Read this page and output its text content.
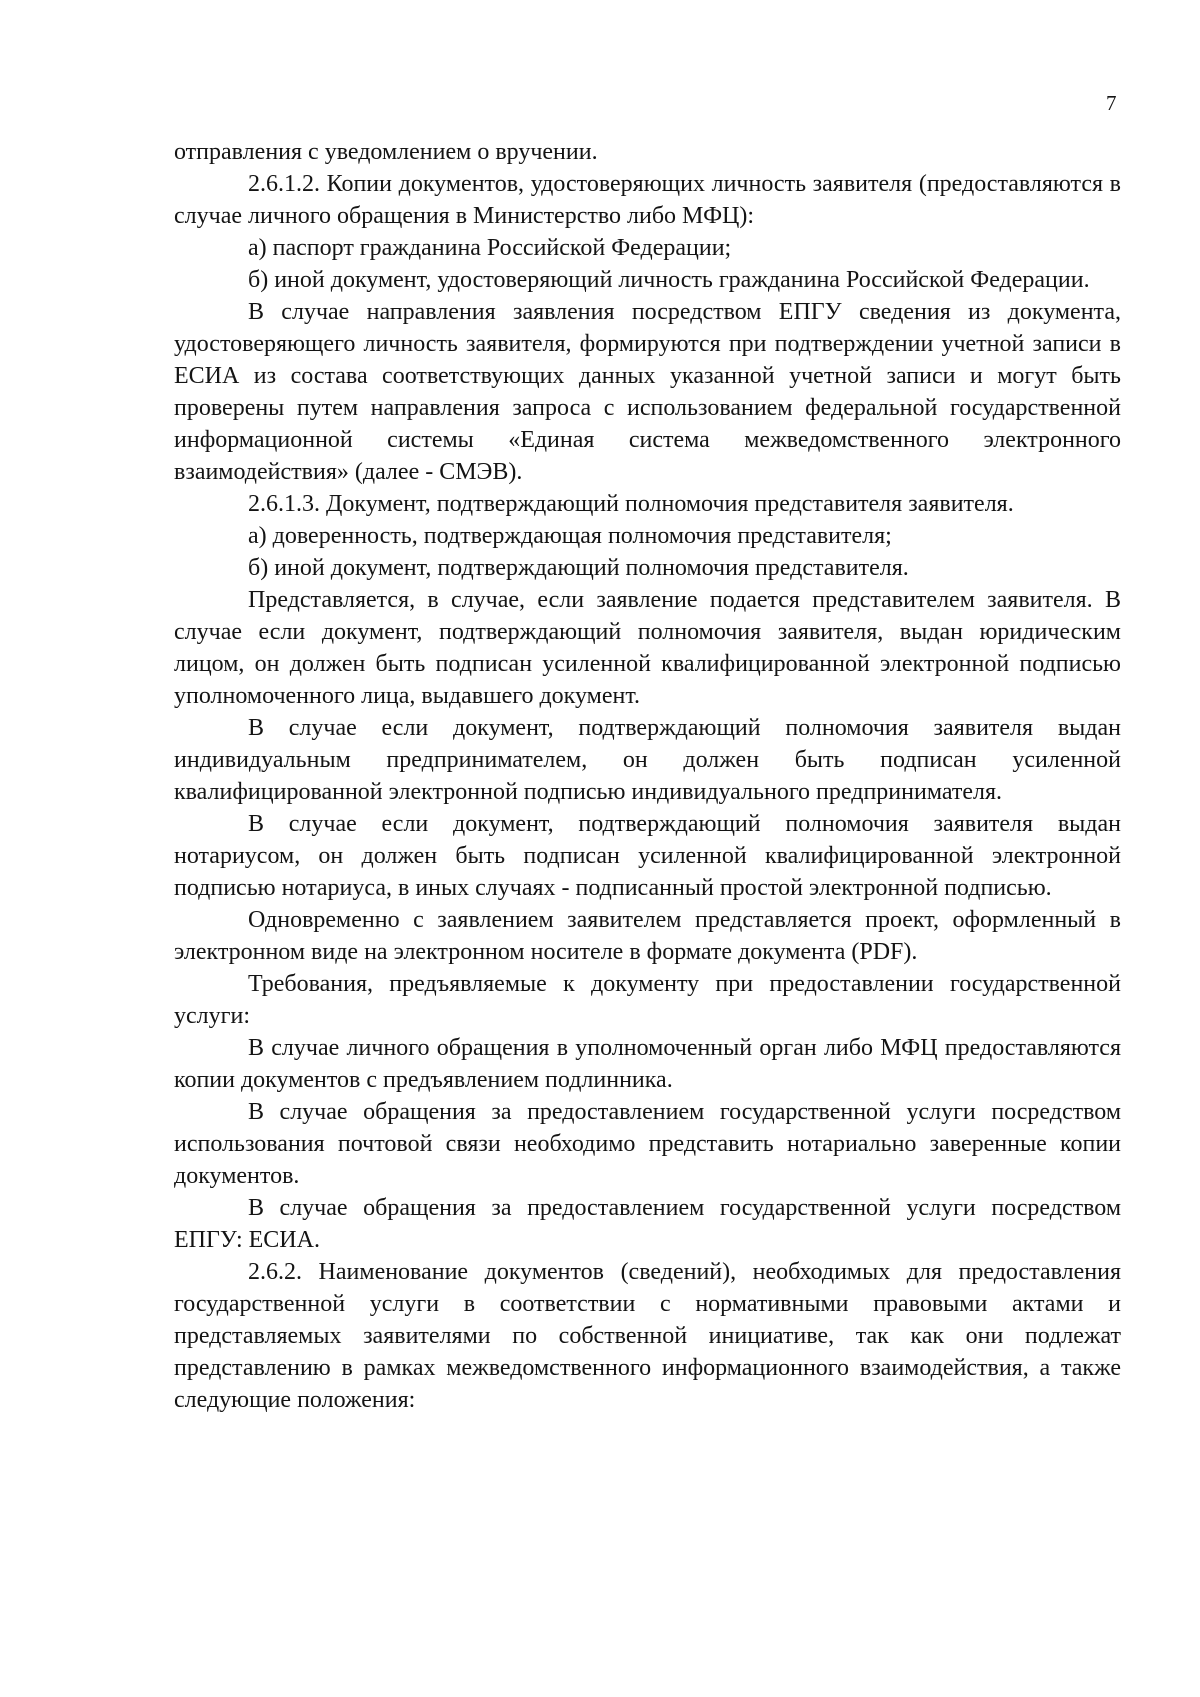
7

отправления с уведомлением о вручении.

2.6.1.2. Копии документов, удостоверяющих личность заявителя (предоставляются в случае личного обращения в Министерство либо МФЦ):

а) паспорт гражданина Российской Федерации;

б) иной документ, удостоверяющий личность гражданина Российской Федерации.

В случае направления заявления посредством ЕПГУ сведения из документа, удостоверяющего личность заявителя, формируются при подтверждении учетной записи в ЕСИА из состава соответствующих данных указанной учетной записи и могут быть проверены путем направления запроса с использованием федеральной государственной информационной системы «Единая система межведомственного электронного взаимодействия» (далее - СМЭВ).

2.6.1.3. Документ, подтверждающий полномочия представителя заявителя.

а) доверенность, подтверждающая полномочия представителя;

б) иной документ, подтверждающий полномочия представителя.

Представляется, в случае, если заявление подается представителем заявителя. В случае если документ, подтверждающий полномочия заявителя, выдан юридическим лицом, он должен быть подписан усиленной квалифицированной электронной подписью уполномоченного лица, выдавшего документ.

В случае если документ, подтверждающий полномочия заявителя выдан индивидуальным предпринимателем, он должен быть подписан усиленной квалифицированной электронной подписью индивидуального предпринимателя.

В случае если документ, подтверждающий полномочия заявителя выдан нотариусом, он должен быть подписан усиленной квалифицированной электронной подписью нотариуса, в иных случаях - подписанный простой электронной подписью.

Одновременно с заявлением заявителем представляется проект, оформленный в электронном виде на электронном носителе в формате документа (PDF).

Требования, предъявляемые к документу при предоставлении государственной услуги:

В случае личного обращения в уполномоченный орган либо МФЦ предоставляются копии документов с предъявлением подлинника.

В случае обращения за предоставлением государственной услуги посредством использования почтовой связи необходимо представить нотариально заверенные копии документов.

В случае обращения за предоставлением государственной услуги посредством ЕПГУ: ЕСИА.

2.6.2. Наименование документов (сведений), необходимых для предоставления государственной услуги в соответствии с нормативными правовыми актами и представляемых заявителями по собственной инициативе, так как они подлежат представлению в рамках межведомственного информационного взаимодействия, а также следующие положения:
